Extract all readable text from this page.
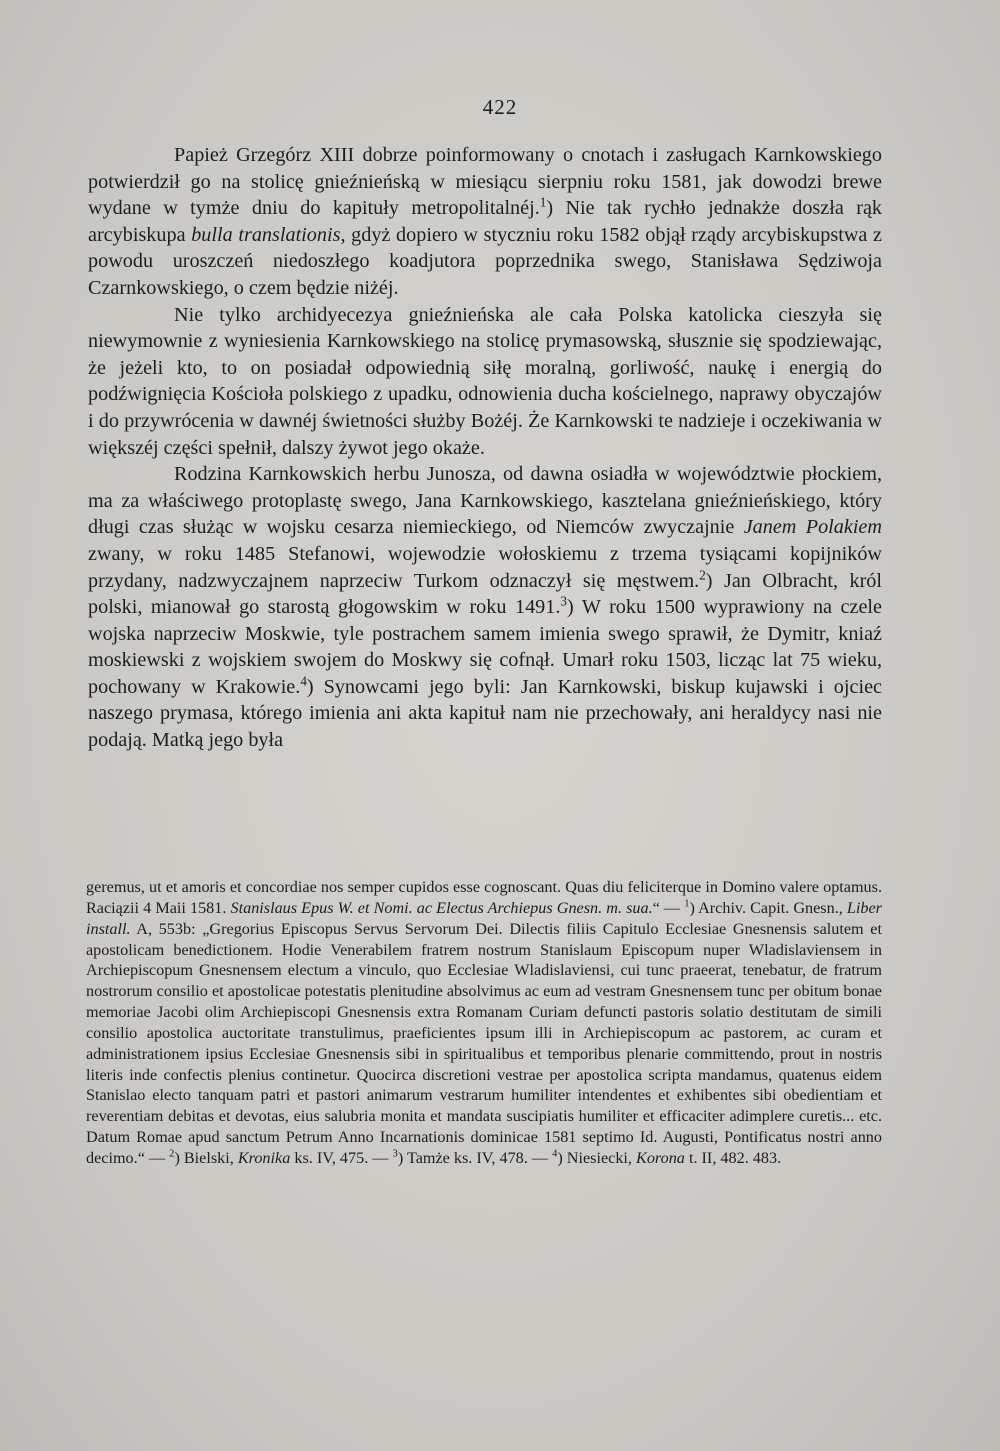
422

Papież Grzegórz XIII dobrze poinformowany o cnotach i zasługach Karnkowskiego potwierdził go na stolicę gnieźnieńską w miesiącu sierpniu roku 1581, jak dowodzi brewe wydane w tymże dniu do kapituły metropolitalnéj.$^1$) Nie tak rychło jednakże doszła rąk arcybiskupa bulla translationis, gdyż dopiero w styczniu roku 1582 objął rządy arcybiskupstwa z powodu uroszczeń niedoszłego koadjutora poprzednika swego, Stanisława Sędziwoja Czarnkowskiego, o czem będzie niżéj.

Nie tylko archidyecezya gnieźnieńska ale cała Polska katolicka cieszyła się niewymownie z wyniesienia Karnkowskiego na stolicę prymasowską, słusznie się spodziewając, że jeżeli kto, to on posiadał odpowiednią siłę moralną, gorliwość, naukę i energią do podźwignięcia Kościoła polskiego z upadku, odnowienia ducha kościelnego, naprawy obyczajów i do przywrócenia w dawnéj świetności służby Bożéj. Że Karnkowski te nadzieje i oczekiwania w większéj części spełnił, dalszy żywot jego okaże.

Rodzina Karnkowskich herbu Junosza, od dawna osiadła w województwie płockiem, ma za właściwego protoplastę swego, Jana Karnkowskiego, kasztelana gnieźnieńskiego, który długi czas służąc w wojsku cesarza niemieckiego, od Niemców zwyczajnie Janem Polakiem zwany, w roku 1485 Stefanowi, wojewodzie wołoskiemu z trzema tysiącami kopijników przydany, nadzwyczajnem naprzeciw Turkom odznaczył się męstwem.$^2$) Jan Olbracht, król polski, mianował go starostą głogowskim w roku 1491.$^3$) W roku 1500 wyprawiony na czele wojska naprzeciw Moskwie, tyle postrachem samem imienia swego sprawił, że Dymitr, kniaź moskiewski z wojskiem swojem do Moskwy się cofnął. Umarł roku 1503, licząc lat 75 wieku, pochowany w Krakowie.$^4$) Synowcami jego byli: Jan Karnkowski, biskup kujawski i ojciec naszego prymasa, którego imienia ani akta kapituł nam nie przechowały, ani heraldycy nasi nie podają. Matką jego była

geremus, ut et amoris et concordiae nos semper cupidos esse cognoscant. Quas diu feliciterque in Domino valere optamus. Raciązii 4 Maii 1581. Stanislaus Epus W. et Nomi. ac Electus Archiepus Gnesn. m. sua.“ — $^1$) Archiv. Capit. Gnesn., Liber install. A, 553b: „Gregorius Episcopus Servus Servorum Dei. Dilectis filiis Capitulo Ecclesiae Gnesnensis salutem et apostolicam benedictionem. Hodie Venerabilem fratrem nostrum Stanislaum Episcopum nuper Wladislaviensem in Archiepiscopum Gnesnensem electum a vinculo, quo Ecclesiae Wladislaviensi, cui tunc praeerat, tenebatur, de fratrum nostrorum consilio et apostolicae potestatis plenitudine absolvimus ac eum ad vestram Gnesnensem tunc per obitum bonae memoriae Jacobi olim Archiepiscopi Gnesnensis extra Romanam Curiam defuncti pastoris solatio destitutam de simili consilio apostolica auctoritate transtulimus, praeficientes ipsum illi in Archiepiscopum ac pastorem, ac curam et administrationem ipsius Ecclesiae Gnesnensis sibi in spiritualibus et temporibus plenarie committendo, prout in nostris literis inde confectis plenius continetur. Quocirca discretioni vestrae per apostolica scripta mandamus, quatenus eidem Stanislao electo tanquam patri et pastori animarum vestrarum humiliter intendentes et exhibentes sibi obedientiam et reverentiam debitas et devotas, eius salubria monita et mandata suscipiatis humiliter et efficaciter adimplere curetis... etc. Datum Romae apud sanctum Petrum Anno Incarnationis dominicae 1581 septimo Id. Augusti, Pontificatus nostri anno decimo.“ — $^2$) Bielski, Kronika ks. IV, 475. — $^3$) Tamże ks. IV, 478. — $^4$) Niesiecki, Korona t. II, 482. 483.
